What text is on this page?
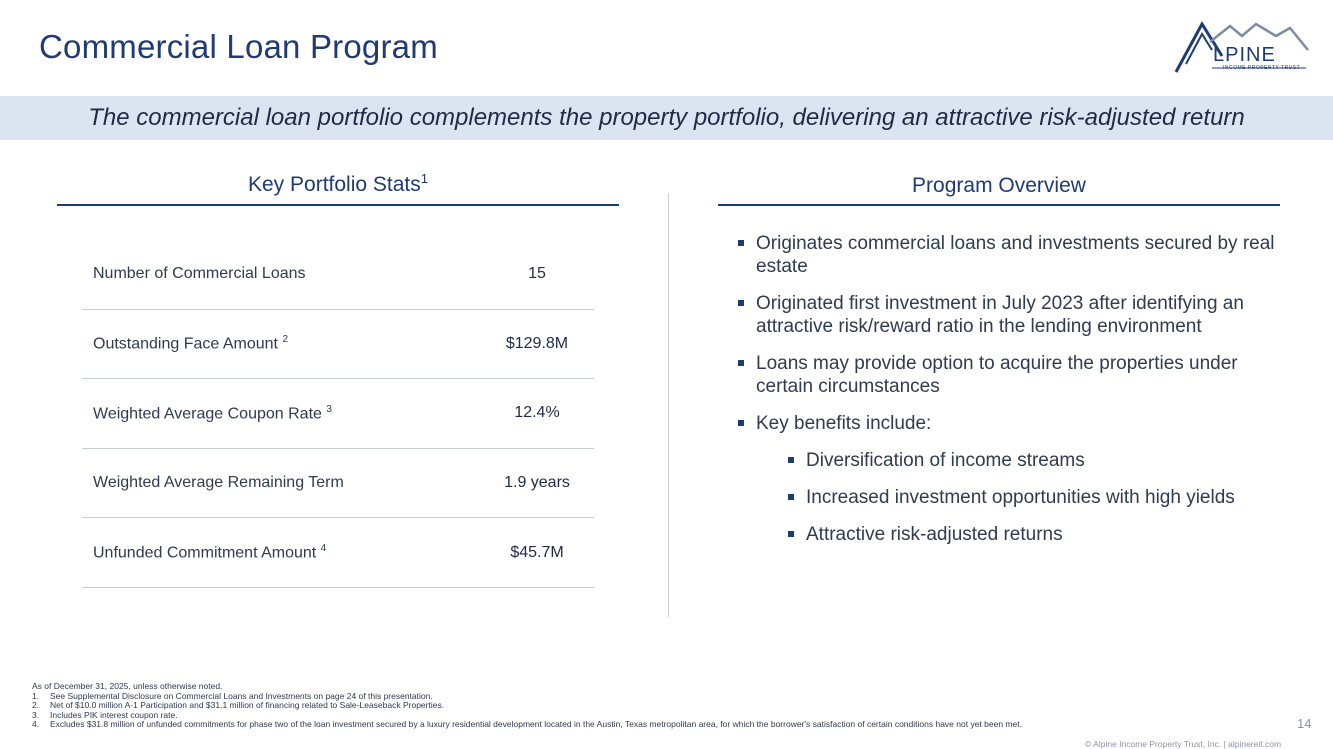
Commercial Loan Program	LPINE
INCOME PROPERTY TRUST
The commercial loan portfolio complements the property portfolio, delivering an attractive risk-adjusted return
Key Portfolio Stats$^1$	Program Overview
Number of Commercial Loans	15
Outstanding Face Amount $^2$	$129.8M
Weighted Average Coupon Rate $^3$	12.4%
Weighted Average Remaining Term	1.9 years
Unfunded Commitment Amount $^4$	$45.7M
Originates commercial loans and investments secured by real estate
Originated first investment in July 2023 after identifying an attractive risk/reward ratio in the lending environment
Loans may provide option to acquire the properties under certain circumstances
Key benefits include:
Diversification of income streams
Increased investment opportunities with high yields
Attractive risk-adjusted returns
As of December 31, 2025, unless otherwise noted.
1.	See Supplemental Disclosure on Commercial Loans and Investments on page 24 of this presentation.
2.	Net of $10.0 million A-1 Participation and $31.1 million of financing related to Sale-Leaseback Properties.
3.	Includes PIK interest coupon rate.
4.	Excludes $31.8 million of unfunded commitments for phase two of the loan investment secured by a luxury residential development located in the Austin, Texas metropolitan area, for which the borrower's satisfaction of certain conditions have not yet been met.	14
© Alpine Income Property Trust, Inc. | alpinereit.com
